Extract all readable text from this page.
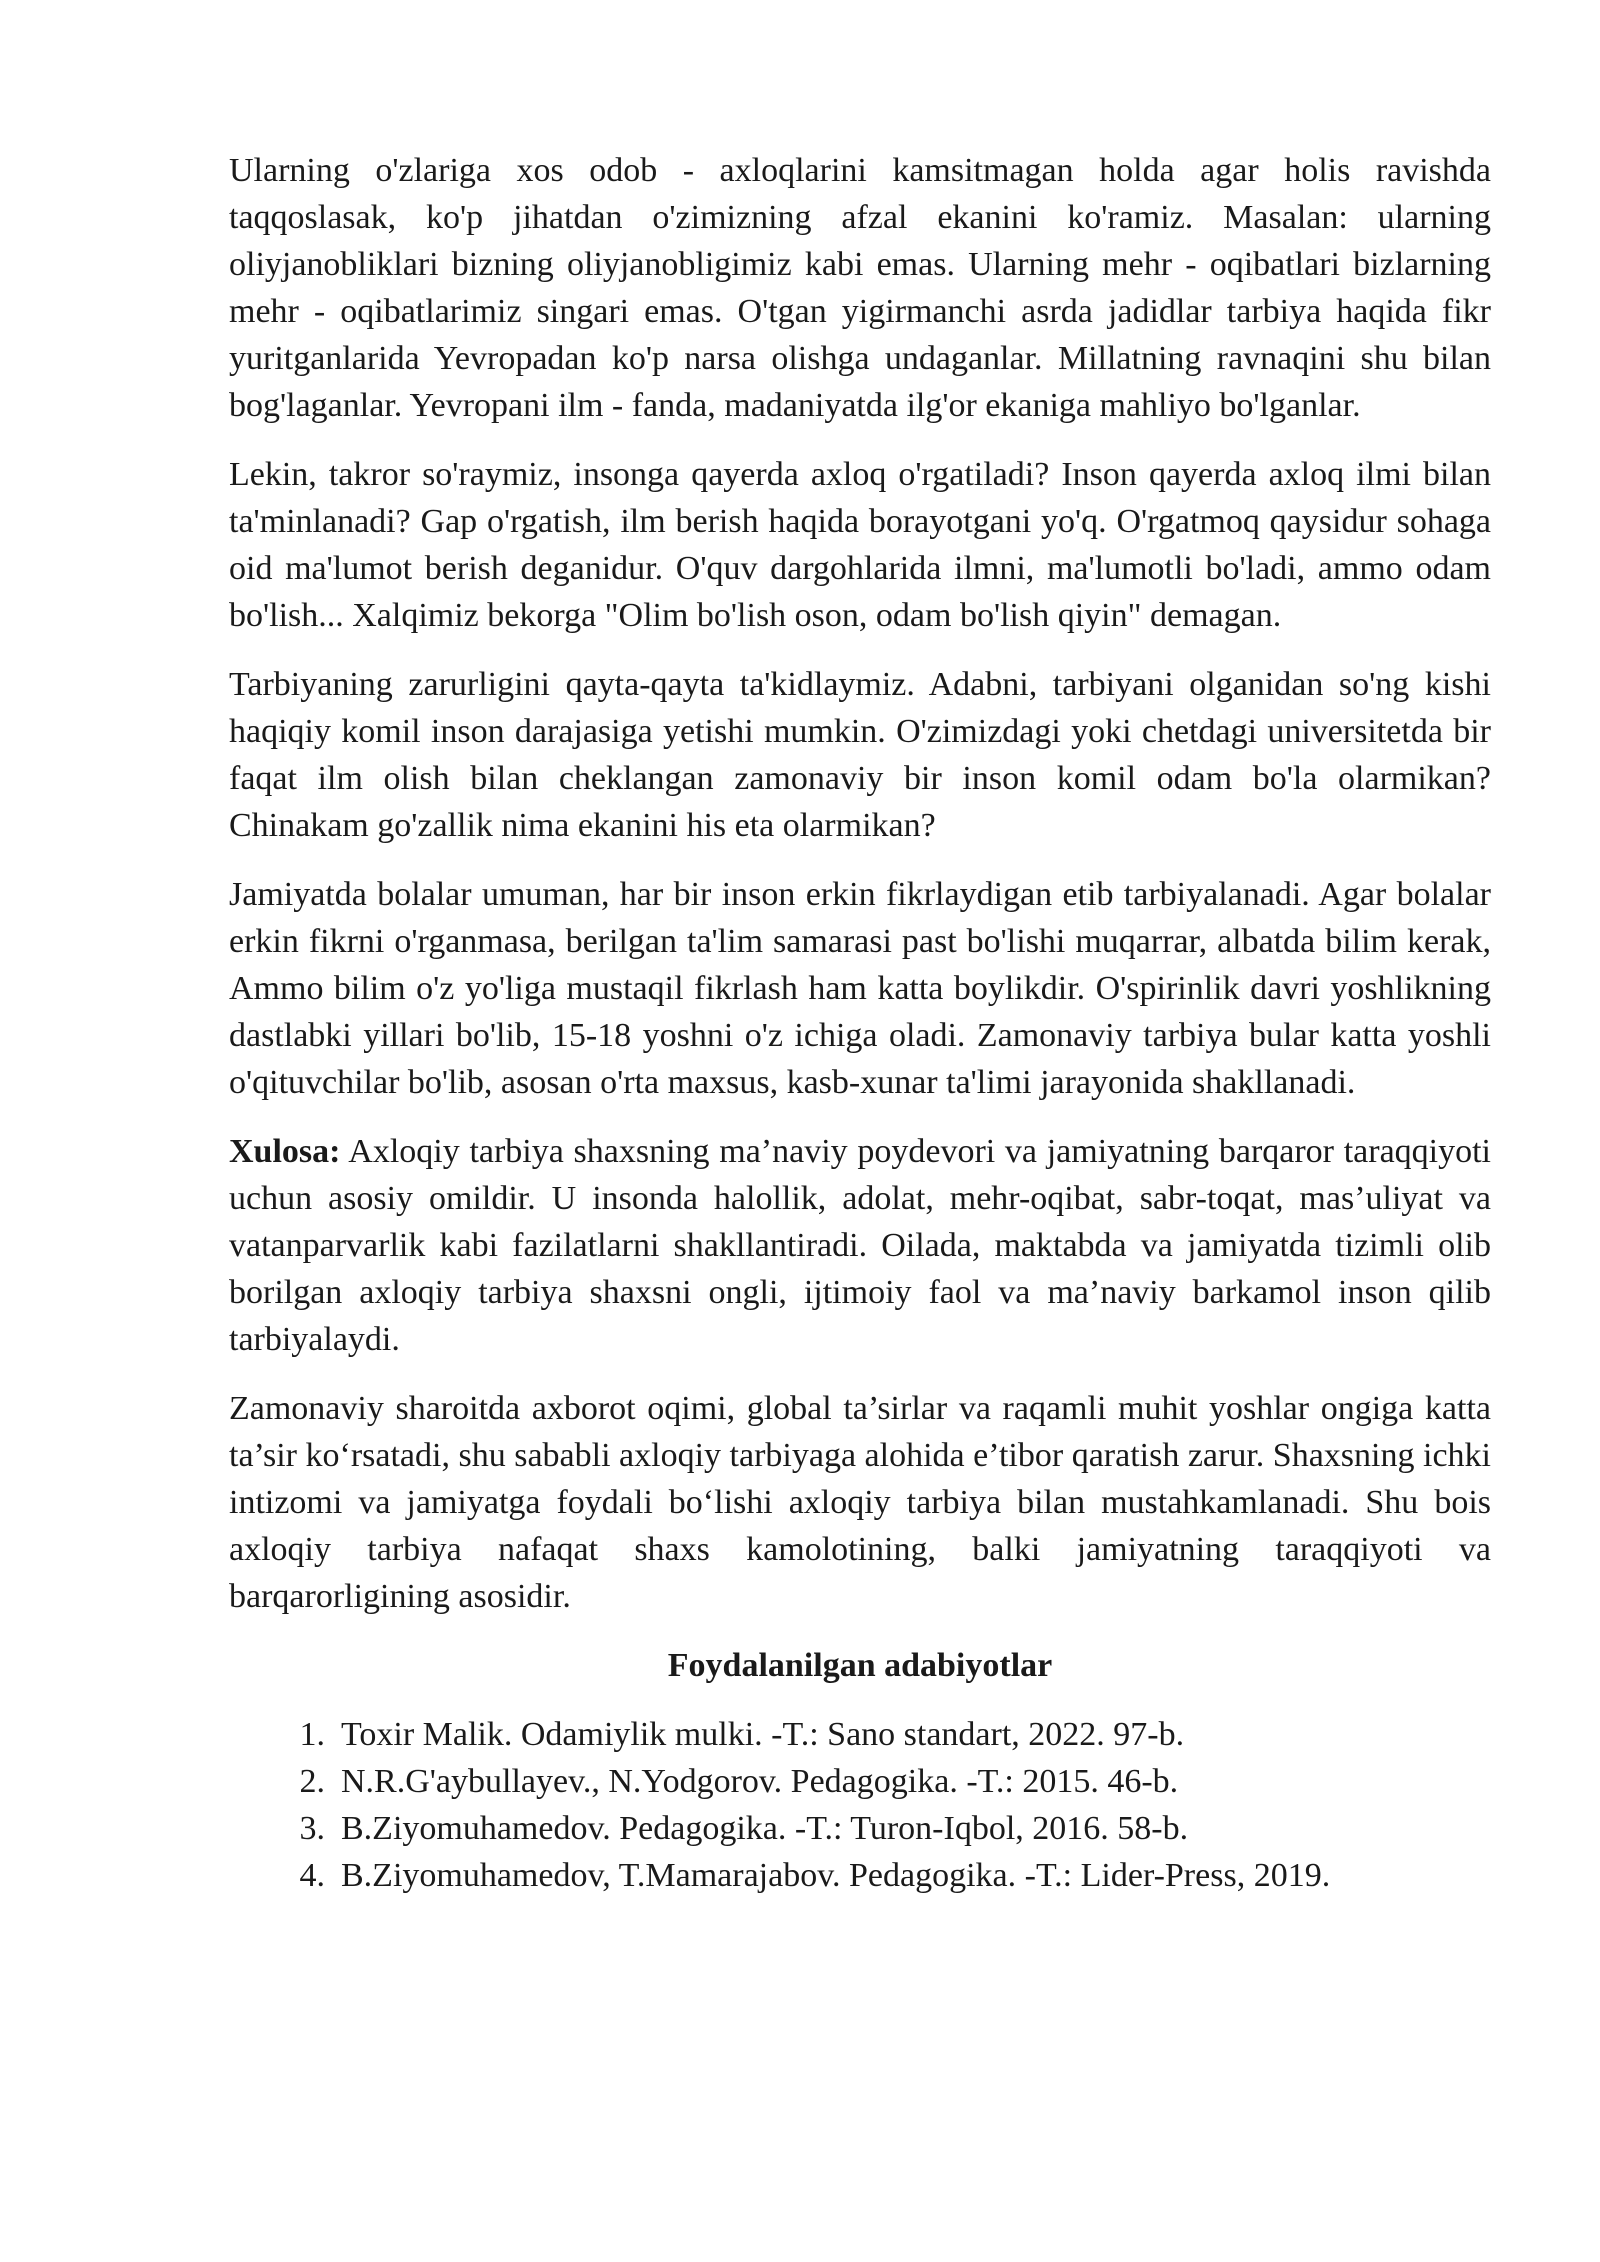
Ularning o'zlariga xos odob - axloqlarini kamsitmagan holda agar holis ravishda taqqoslasak, ko'p jihatdan o'zimizning afzal ekanini ko'ramiz. Masalan: ularning oliyjanobliklari bizning oliyjanobligimiz kabi emas. Ularning mehr - oqibatlari bizlarning mehr - oqibatlarimiz singari emas. O'tgan yigirmanchi asrda jadidlar tarbiya haqida fikr yuritganlarida Yevropadan ko'p narsa olishga undaganlar. Millatning ravnaqini shu bilan bog'laganlar. Yevropani ilm - fanda, madaniyatda ilg'or ekaniga mahliyo bo'lganlar.

Lekin, takror so'raymiz, insonga qayerda axloq o'rgatiladi? Inson qayerda axloq ilmi bilan ta'minlanadi? Gap o'rgatish, ilm berish haqida borayotgani yo'q. O'rgatmoq qaysidur sohaga oid ma'lumot berish deganidur. O'quv dargohlarida ilmni, ma'lumotli bo'ladi, ammo odam bo'lish... Xalqimiz bekorga "Olim bo'lish oson, odam bo'lish qiyin" demagan.

Tarbiyaning zarurligini qayta-qayta ta'kidlaymiz. Adabni, tarbiyani olganidan so'ng kishi haqiqiy komil inson darajasiga yetishi mumkin. O'zimizdagi yoki chetdagi universitetda bir faqat ilm olish bilan cheklangan zamonaviy bir inson komil odam bo'la olarmikan? Chinakam go'zallik nima ekanini his eta olarmikan?

Jamiyatda bolalar umuman, har bir inson erkin fikrlaydigan etib tarbiyalanadi. Agar bolalar erkin fikrni o'rganmasa, berilgan ta'lim samarasi past bo'lishi muqarrar, albatda bilim kerak, Ammo bilim o'z yo'liga mustaqil fikrlash ham katta boylikdir. O'spirinlik davri yoshlikning dastlabki yillari bo'lib, 15-18 yoshni o'z ichiga oladi. Zamonaviy tarbiya bular katta yoshli o'qituvchilar bo'lib, asosan o'rta maxsus, kasb-xunar ta'limi jarayonida shakllanadi.

Xulosa: Axloqiy tarbiya shaxsning ma’naviy poydevori va jamiyatning barqaror taraqqiyoti uchun asosiy omildir. U insonda halollik, adolat, mehr-oqibat, sabr-toqat, mas’uliyat va vatanparvarlik kabi fazilatlarni shakllantiradi. Oilada, maktabda va jamiyatda tizimli olib borilgan axloqiy tarbiya shaxsni ongli, ijtimoiy faol va ma’naviy barkamol inson qilib tarbiyalaydi.

Zamonaviy sharoitda axborot oqimi, global ta’sirlar va raqamli muhit yoshlar ongiga katta ta’sir ko‘rsatadi, shu sababli axloqiy tarbiyaga alohida e’tibor qaratish zarur. Shaxsning ichki intizomi va jamiyatga foydali bo‘lishi axloqiy tarbiya bilan mustahkamlanadi. Shu bois axloqiy tarbiya nafaqat shaxs kamolotining, balki jamiyatning taraqqiyoti va barqarorligining asosidir.

Foydalanilgan adabiyotlar
1. Toxir Malik. Odamiylik mulki. -T.: Sano standart, 2022. 97-b.
2. N.R.G'aybullayev., N.Yodgorov. Pedagogika. -T.: 2015. 46-b.
3. B.Ziyomuhamedov. Pedagogika. -T.: Turon-Iqbol, 2016. 58-b.
4. B.Ziyomuhamedov, T.Mamarajabov. Pedagogika. -T.: Lider-Press, 2019.
